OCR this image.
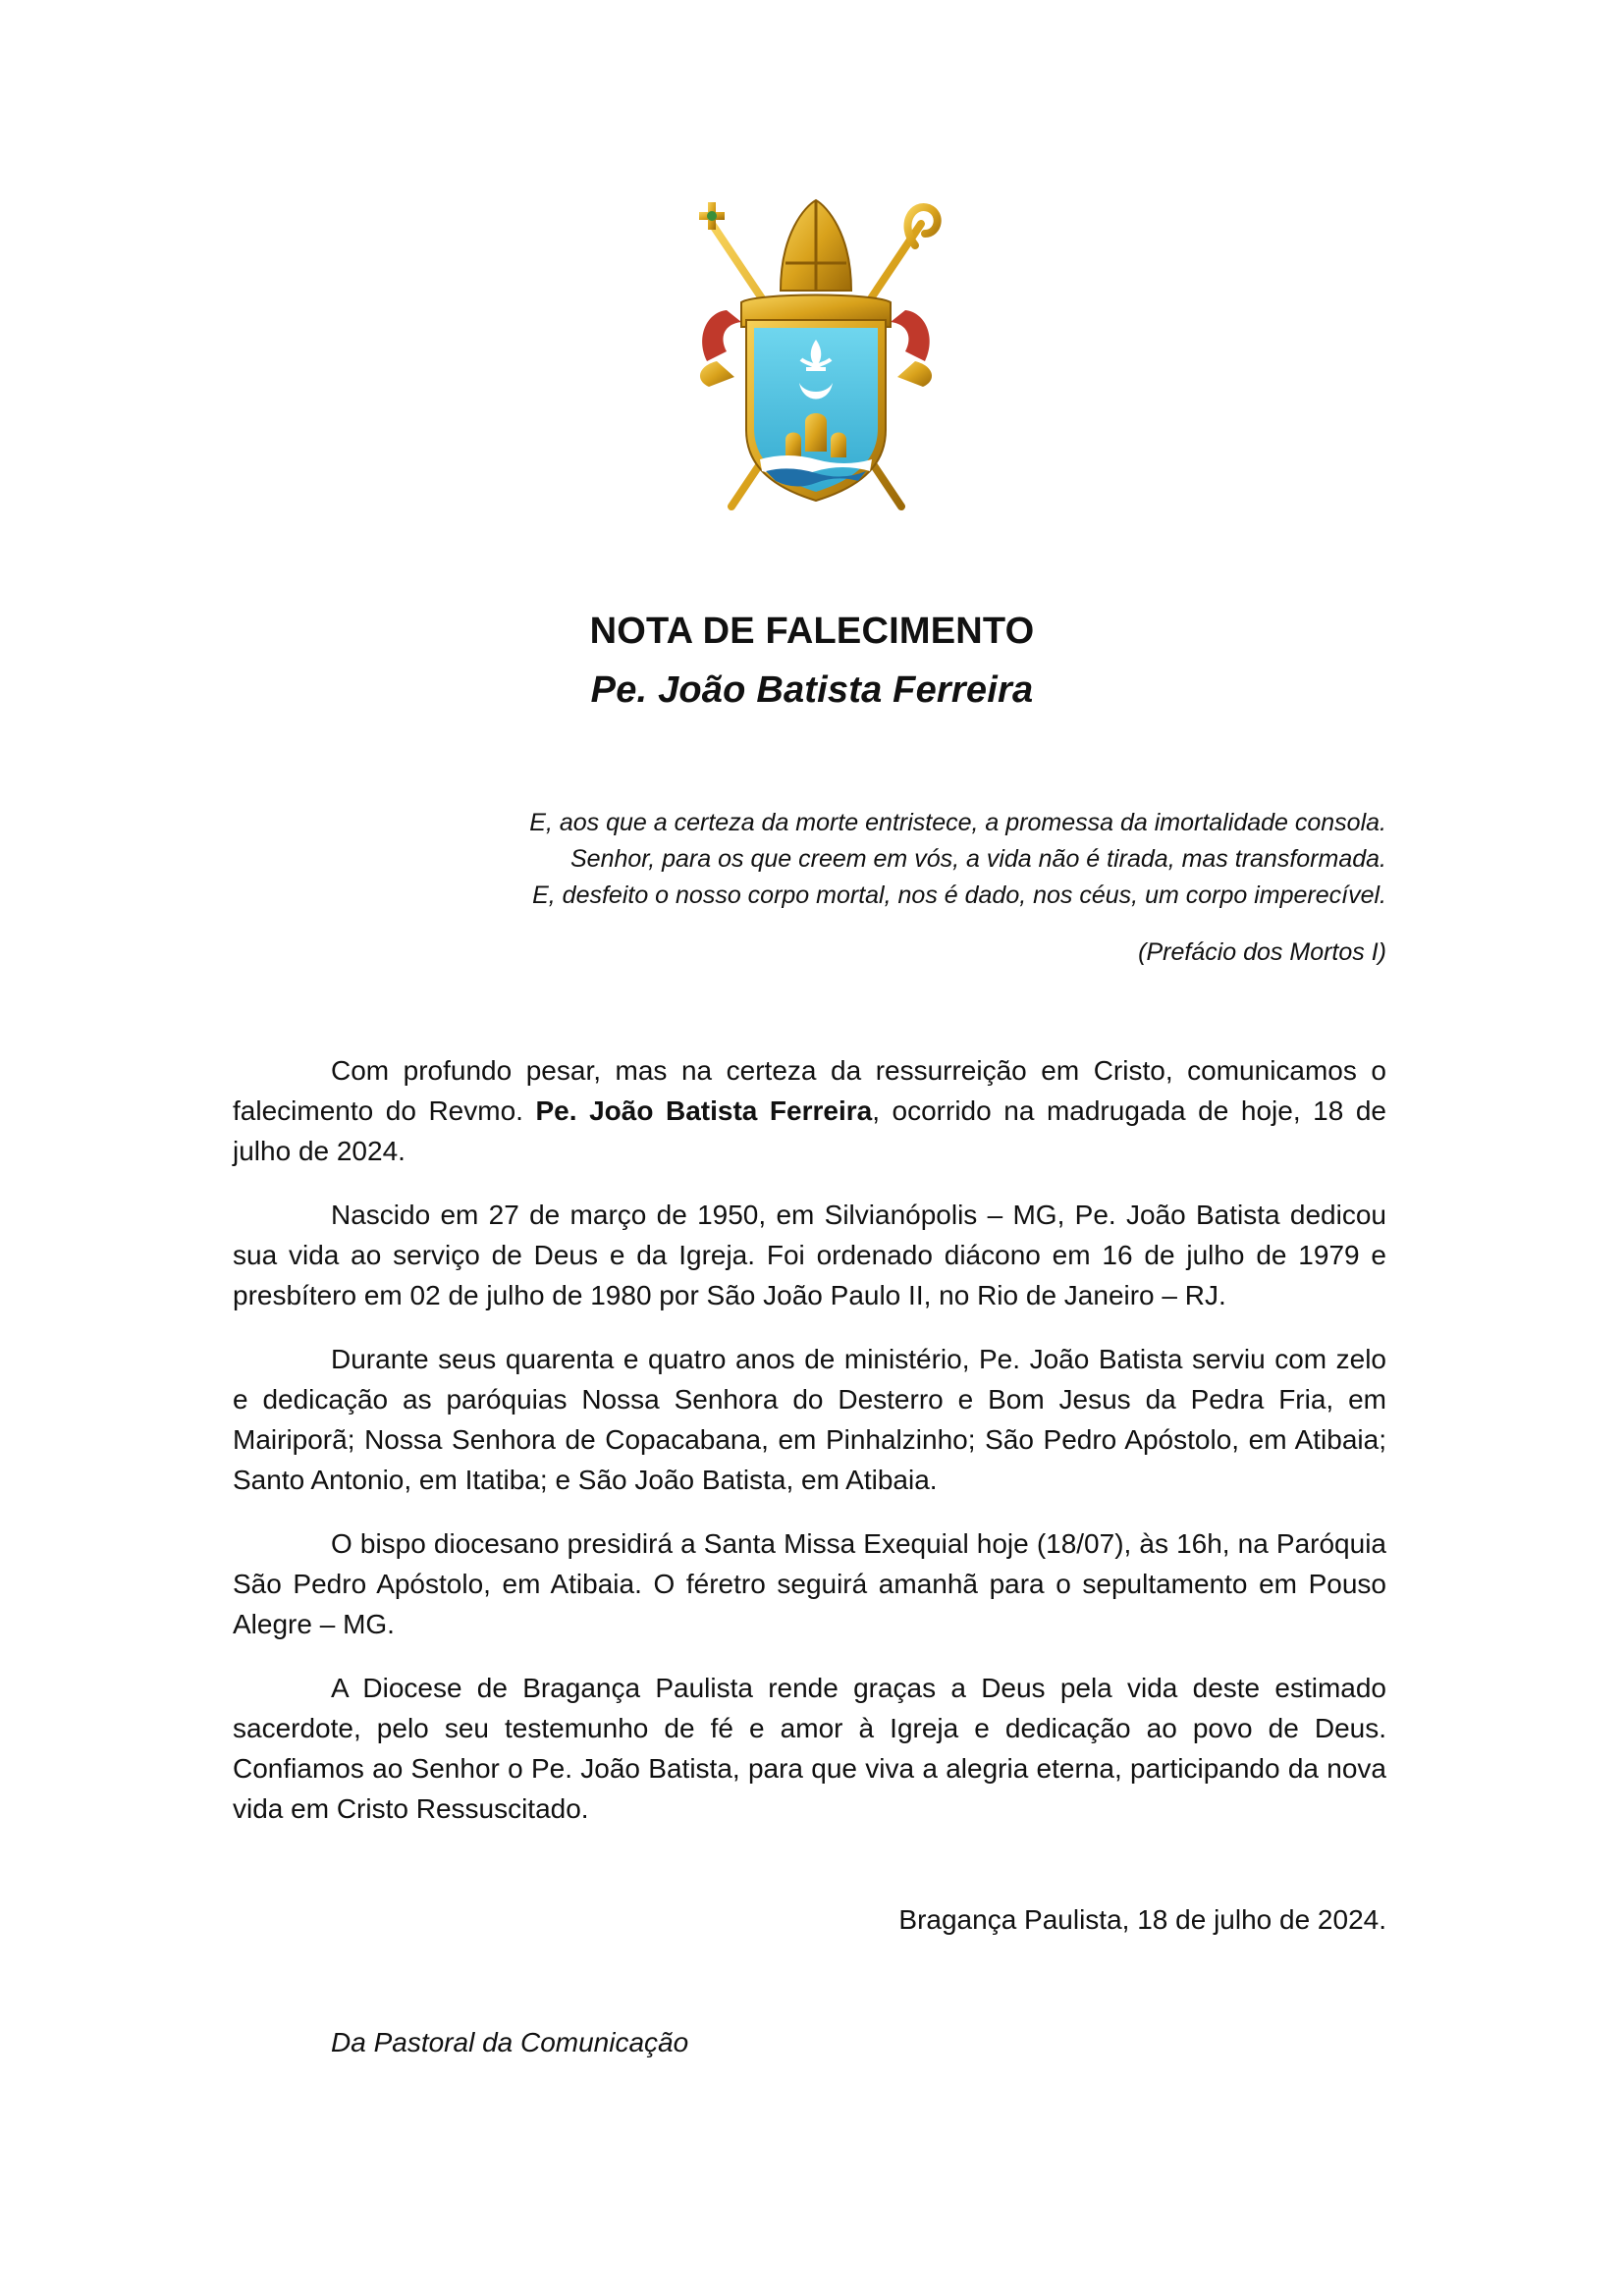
NOTA DE FALECIMENTO
Pe. João Batista Ferreira
E, aos que a certeza da morte entristece, a promessa da imortalidade consola.
Senhor, para os que creem em vós, a vida não é tirada, mas transformada.
E, desfeito o nosso corpo mortal, nos é dado, nos céus, um corpo imperecível.
(Prefácio dos Mortos I)

Com profundo pesar, mas na certeza da ressurreição em Cristo, comunicamos o falecimento do Revmo. Pe. João Batista Ferreira, ocorrido na madrugada de hoje, 18 de julho de 2024.

Nascido em 27 de março de 1950, em Silvianópolis – MG, Pe. João Batista dedicou sua vida ao serviço de Deus e da Igreja. Foi ordenado diácono em 16 de julho de 1979 e presbítero em 02 de julho de 1980 por São João Paulo II, no Rio de Janeiro – RJ.

Durante seus quarenta e quatro anos de ministério, Pe. João Batista serviu com zelo e dedicação as paróquias Nossa Senhora do Desterro e Bom Jesus da Pedra Fria, em Mairiporã; Nossa Senhora de Copacabana, em Pinhalzinho; São Pedro Apóstolo, em Atibaia; Santo Antonio, em Itatiba; e São João Batista, em Atibaia.

O bispo diocesano presidirá a Santa Missa Exequial hoje (18/07), às 16h, na Paróquia São Pedro Apóstolo, em Atibaia. O féretro seguirá amanhã para o sepultamento em Pouso Alegre – MG.

A Diocese de Bragança Paulista rende graças a Deus pela vida deste estimado sacerdote, pelo seu testemunho de fé e amor à Igreja e dedicação ao povo de Deus. Confiamos ao Senhor o Pe. João Batista, para que viva a alegria eterna, participando da nova vida em Cristo Ressuscitado.

Bragança Paulista, 18 de julho de 2024.
Da Pastoral da Comunicação
